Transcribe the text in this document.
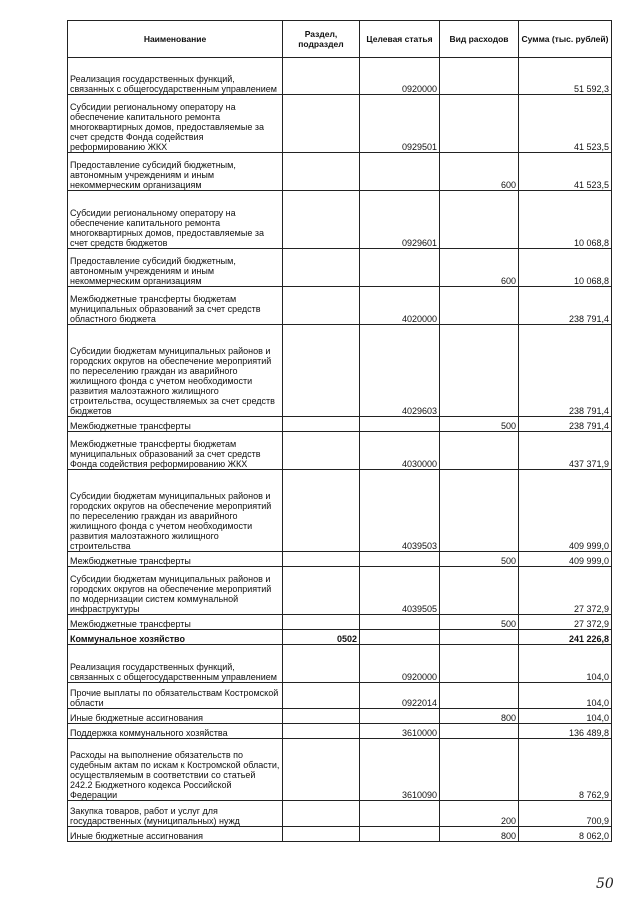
Наименование	Раздел, подраздел	Целевая статья	Вид расходов	Сумма (тыс. рублей)
Реализация государственных функций, связанных с общегосударственным управлением		0920000		51 592,3
Субсидии региональному оператору на обеспечение капитального ремонта многоквартирных домов, предоставляемые за счет средств Фонда содействия реформированию ЖКХ		0929501		41 523,5
Предоставление субсидий бюджетным, автономным учреждениям и иным некоммерческим организациям			600	41 523,5
Субсидии региональному оператору на обеспечение капитального ремонта многоквартирных домов, предоставляемые за счет средств бюджетов		0929601		10 068,8
Предоставление субсидий бюджетным, автономным учреждениям и иным некоммерческим организациям			600	10 068,8
Межбюджетные трансферты бюджетам муниципальных образований за счет средств областного бюджета		4020000		238 791,4
Субсидии бюджетам муниципальных районов и городских округов на обеспечение мероприятий по переселению граждан из аварийного жилищного фонда с учетом необходимости развития малоэтажного жилищного строительства, осуществляемых за счет средств бюджетов		4029603		238 791,4
Межбюджетные трансферты			500	238 791,4
Межбюджетные трансферты бюджетам муниципальных образований за счет средств Фонда содействия реформированию ЖКХ		4030000		437 371,9
Субсидии бюджетам муниципальных районов и городских округов на обеспечение мероприятий по переселению граждан из аварийного жилищного фонда с учетом необходимости развития малоэтажного жилищного строительства		4039503		409 999,0
Межбюджетные трансферты			500	409 999,0
Субсидии бюджетам муниципальных районов и городских округов на обеспечение мероприятий по модернизации систем коммунальной инфраструктуры		4039505		27 372,9
Межбюджетные трансферты			500	27 372,9
Коммунальное хозяйство	0502			241 226,8
Реализация государственных функций, связанных с общегосударственным управлением		0920000		104,0
Прочие выплаты по обязательствам Костромской области		0922014		104,0
Иные бюджетные ассигнования			800	104,0
Поддержка коммунального хозяйства		3610000		136 489,8
Расходы на выполнение обязательств по судебным актам по искам к Костромской области, осуществляемым в соответствии со статьей 242.2 Бюджетного кодекса Российской Федерации		3610090		8 762,9
Закупка товаров, работ и услуг для государственных (муниципальных) нужд			200	700,9
Иные бюджетные ассигнования			800	8 062,0
50
